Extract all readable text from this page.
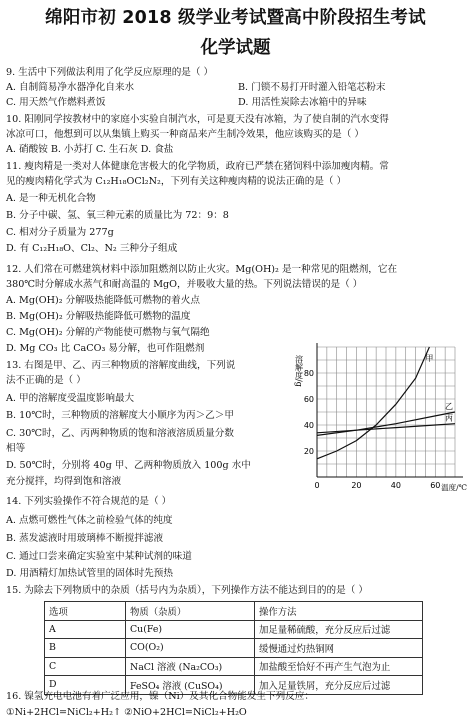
绵阳市初 2018 级学业考试暨高中阶段招生考试
化学试题
9. 生活中下列做法利用了化学反应原理的是（ ）
A. 自制简易净水器净化自来水	B. 门锁不易打开时灌入铅笔芯粉末
C. 用天然气作燃料煮饭	D. 用活性炭除去冰箱中的异味
10. 阳刚同学按教材中的家庭小实验自制汽水，可是夏天没有冰箱，为了使自制的汽水变得
冰凉可口，他想到可以从集镇上购买一种商品来产生制冷效果，他应该购买的是（ ）
A. 硝酸铵 B. 小苏打 C. 生石灰 D. 食盐
11. 瘦肉精是一类对人体健康危害极大的化学物质，政府已严禁在猪饲料中添加瘦肉精。常
见的瘦肉精化学式为 C₁₂H₁₈OCl₂N₂，下列有关这种瘦肉精的说法正确的是（ ）
A. 是一种无机化合物
B. 分子中碳、氢、氧三种元素的质量比为 72：9：8
C. 相对分子质量为 277g
D. 有 C₁₂H₁₈O、Cl₂、N₂ 三种分子组成
12. 人们常在可燃建筑材料中添加阻燃剂以防止火灾。Mg(OH)₂ 是一种常见的阻燃剂，它在
380℃时分解成水蒸气和耐高温的 MgO，并吸收大量的热。下列说法错误的是（ ）
A. Mg(OH)₂ 分解吸热能降低可燃物的着火点
B. Mg(OH)₂ 分解吸热能降低可燃物的温度
C. Mg(OH)₂ 分解的产物能使可燃物与氧气隔绝
D. Mg CO₃ 比 CaCO₃ 易分解，也可作阻燃剂
13. 右图是甲、乙、丙三种物质的溶解度曲线，下列说
法不正确的是（ ）
A. 甲的溶解度受温度影响最大
B. 10℃时，三种物质的溶解度大小顺序为丙＞乙＞甲
C. 30℃时，乙、丙两种物质的饱和溶液溶质质量分数
相等
D. 50℃时，分别将 40g 甲、乙两种物质放入 100g 水中
充分搅拌，均得到饱和溶液	0	20	40	60
20
40
60
80
溶解度/g
温度/℃
甲
乙
丙
14. 下列实验操作不符合规范的是（ ）
A. 点燃可燃性气体之前检验气体的纯度
B. 蒸发滤液时用玻璃棒不断搅拌滤液
C. 通过口尝来确定实验室中某种试剂的味道
D. 用酒精灯加热试管里的固体时先预热
15. 为除去下列物质中的杂质（括号内为杂质），下列操作方法不能达到目的的是（ ）
选项	物质（杂质）	操作方法
A	Cu(Fe)	加足量稀硫酸，充分反应后过滤
B	CO(O₂)	缓慢通过灼热铜网
C	NaCl 溶液 (Na₂CO₃)	加盐酸至恰好不再产生气泡为止
D	FeSO₄ 溶液 (CuSO₄)	加入足量铁屑，充分反应后过滤
16. 镍氢充电电池有着广泛应用，镍（Ni）及其化合物能发生下列反应：
①Ni+2HCl=NiCl₂+H₂↑ ②NiO+2HCl=NiCl₂+H₂O
